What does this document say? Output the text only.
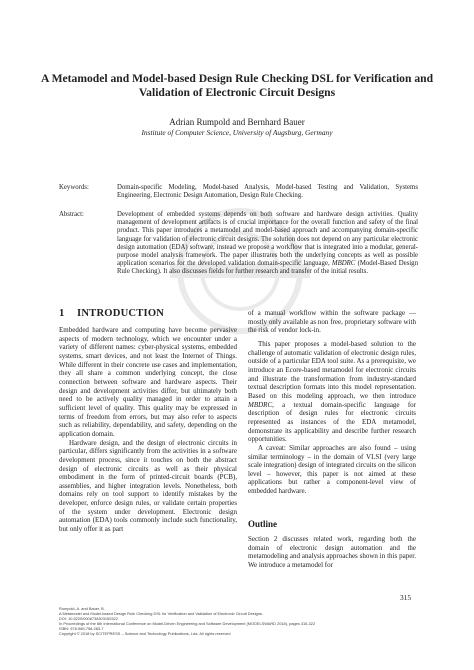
A Metamodel and Model-based Design Rule Checking DSL for Verification and Validation of Electronic Circuit Designs
Adrian Rumpold and Bernhard Bauer
Institute of Computer Science, University of Augsburg, Germany
Keywords:	Domain-specific Modeling, Model-based Analysis, Model-based Testing and Validation, Systems Engineering, Electronic Design Automation, Design Rule Checking.
Abstract:	Development of embedded systems depends on both software and hardware design activities. Quality management of development artifacts is of crucial importance for the overall function and safety of the final product. This paper introduces a metamodel and model-based approach and accompanying domain-specific language for validation of electronic circuit designs. The solution does not depend on any particular electronic design automation (EDA) software, instead we propose a workflow that is integrated into a modular, general-purpose model analysis framework. The paper illustrates both the underlying concepts as well as possible application scenarios for the developed validation domain-specific language, MBDRC (Model-Based Design Rule Checking). It also discusses fields for further research and transfer of the initial results.
1 INTRODUCTION

Embedded hardware and computing have become pervasive aspects of modern technology, which we encounter under a variety of different names: cyber-physical systems, embedded systems, smart devices, and not least the Internet of Things. While different in their concrete use cases and implementation, they all share a common underlying concept, the close connection between software and hardware aspects. Their design and development activities differ, but ultimately both need to be actively quality managed in order to attain a sufficient level of quality. This quality may be expressed in terms of freedom from errors, but may also refer to aspects such as reliability, dependability, and safety, depending on the application domain.

Hardware design, and the design of electronic circuits in particular, differs significantly from the activities in a software development process, since it touches on both the abstract design of electronic circuits as well as their physical embodiment in the form of printed-circuit boards (PCB), assemblies, and higher integration levels. Nonetheless, both domains rely on tool support to identify mistakes by the developer, enforce design rules, or validate certain properties of the system under development. Electronic design automation (EDA) tools commonly include such functionality, but only offer it as part

of a manual workflow within the software package — mostly only available as non free, proprietary software with the risk of vendor lock-in.

This paper proposes a model-based solution to the challenge of automatic validation of electronic design rules, outside of a particular EDA tool suite. As a prerequisite, we introduce an Ecore-based metamodel for electronic circuits and illustrate the transformation from industry-standard textual description formats into this model representation. Based on this modeling approach, we then introduce MBDRC, a textual domain-specific language for description of design rules for electronic circuits represented as instances of the EDA metamodel, demonstrate its applicability and describe further research opportunities.

A caveat: Similar approaches are also found – using similar terminology – in the domain of VLSI (very large scale integration) design of integrated circuits on the silicon level – however, this paper is not aimed at these applications but rather a component-level view of embedded hardware.

Outline

Section 2 discusses related work, regarding both the domain of electronic design automation and the metamodeling and analysis approaches shown in this paper. We introduce a metamodel for

315
Rumpold, A. and Bauer, B.
A Metamodel and Model-based Design Rule Checking DSL for Verification and Validation of Electronic Circuit Designs.
DOI: 10.5220/0006738303150322
In Proceedings of the 6th International Conference on Model-Driven Engineering and Software Development (MODELSWARD 2018), pages 315-322
ISBN: 978-989-758-283-7
Copyright © 2018 by SCITEPRESS – Science and Technology Publications, Lda. All rights reserved
